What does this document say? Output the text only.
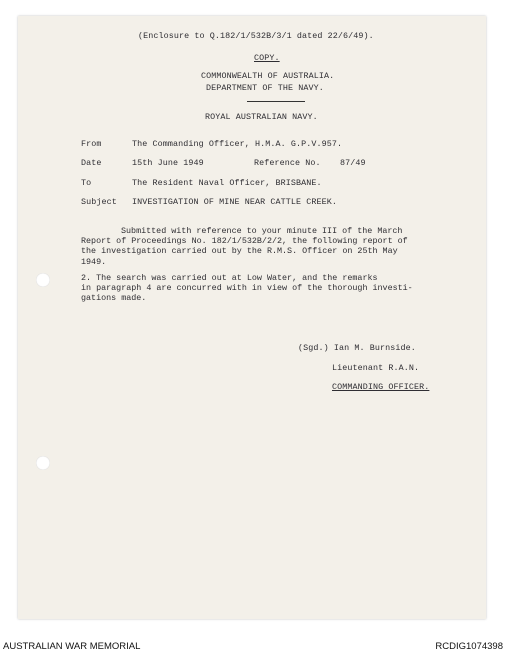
(Enclosure to Q.182/1/532B/3/1 dated 22/6/49).
COPY.
COMMONWEALTH OF AUSTRALIA.
DEPARTMENT OF THE NAVY.
ROYAL AUSTRALIAN NAVY.
From	The Commanding Officer, H.M.A. G.P.V.957.
Date	15th June 1949	Reference No. 87/49
To	The Resident Naval Officer, BRISBANE.
Subject INVESTIGATION OF MINE NEAR CATTLE CREEK.
Submitted with reference to your minute III of the March
Report of Proceedings No. 182/1/532B/2/2, the following report of
the investigation carried out by the R.M.S. Officer on 25th May
1949.
2. The search was carried out at Low Water, and the remarks
in paragraph 4 are concurred with in view of the thorough investi-
gations made.
(Sgd.) Ian M. Burnside.
Lieutenant R.A.N.
COMMANDING OFFICER.
AUSTRALIAN WAR MEMORIAL	RCDIG1074398
